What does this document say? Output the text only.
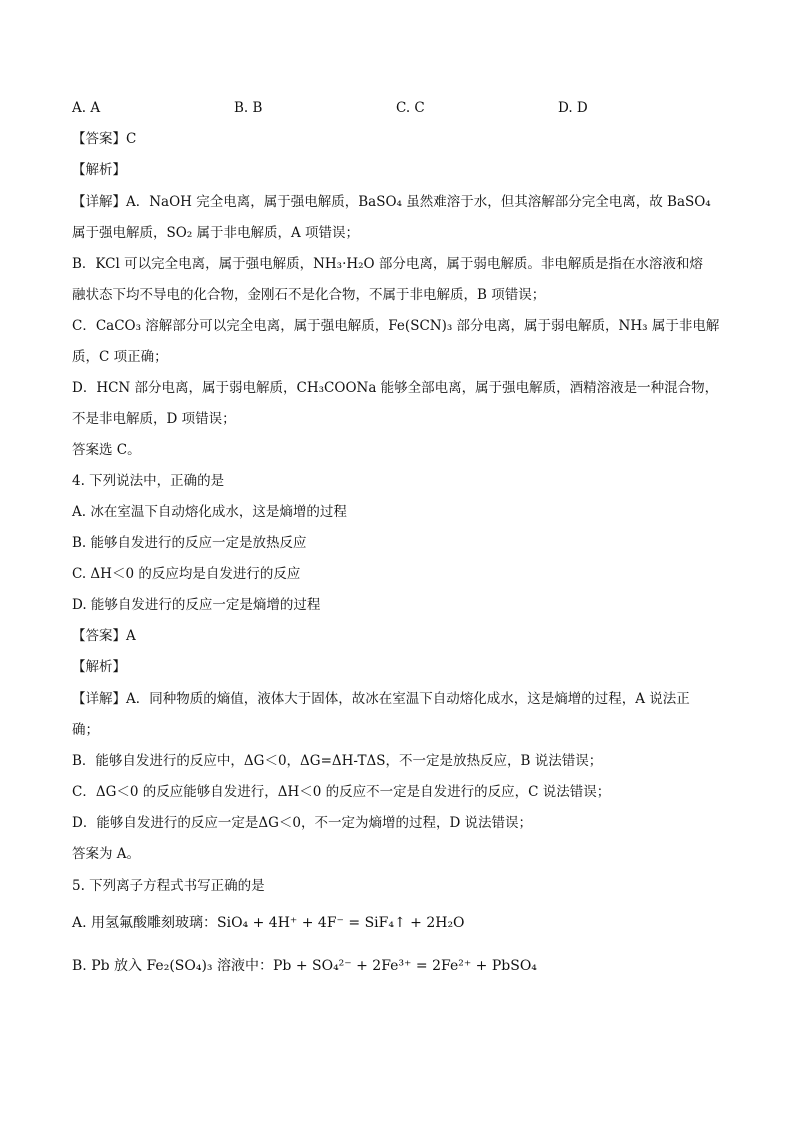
A. A	B. B	C. C	D. D
【答案】C
【解析】
【详解】A．NaOH 完全电离，属于强电解质，BaSO₄ 虽然难溶于水，但其溶解部分完全电离，故 BaSO₄
属于强电解质，SO₂ 属于非电解质，A 项错误；
B．KCl 可以完全电离，属于强电解质，NH₃·H₂O 部分电离，属于弱电解质。非电解质是指在水溶液和熔
融状态下均不导电的化合物，金刚石不是化合物，不属于非电解质，B 项错误；
C．CaCO₃ 溶解部分可以完全电离，属于强电解质，Fe(SCN)₃ 部分电离，属于弱电解质，NH₃ 属于非电解
质，C 项正确；
D．HCN 部分电离，属于弱电解质，CH₃COONa 能够全部电离，属于强电解质，酒精溶液是一种混合物，
不是非电解质，D 项错误；
答案选 C。
4. 下列说法中，正确的是
A. 冰在室温下自动熔化成水，这是熵增的过程
B. 能够自发进行的反应一定是放热反应
C. ΔH＜0 的反应均是自发进行的反应
D. 能够自发进行的反应一定是熵增的过程
【答案】A
【解析】
【详解】A．同种物质的熵值，液体大于固体，故冰在室温下自动熔化成水，这是熵增的过程，A 说法正
确；
B．能够自发进行的反应中，ΔG＜0，ΔG=ΔH-TΔS，不一定是放热反应，B 说法错误；
C．ΔG＜0 的反应能够自发进行，ΔH＜0 的反应不一定是自发进行的反应，C 说法错误；
D．能够自发进行的反应一定是ΔG＜0，不一定为熵增的过程，D 说法错误；
答案为 A。
5. 下列离子方程式书写正确的是
A. 用氢氟酸雕刻玻璃：SiO₄ + 4H⁺ + 4F⁻ = SiF₄↑ + 2H₂O
B. Pb 放入 Fe₂(SO₄)₃ 溶液中：Pb + SO₄²⁻ + 2Fe³⁺ = 2Fe²⁺ + PbSO₄
